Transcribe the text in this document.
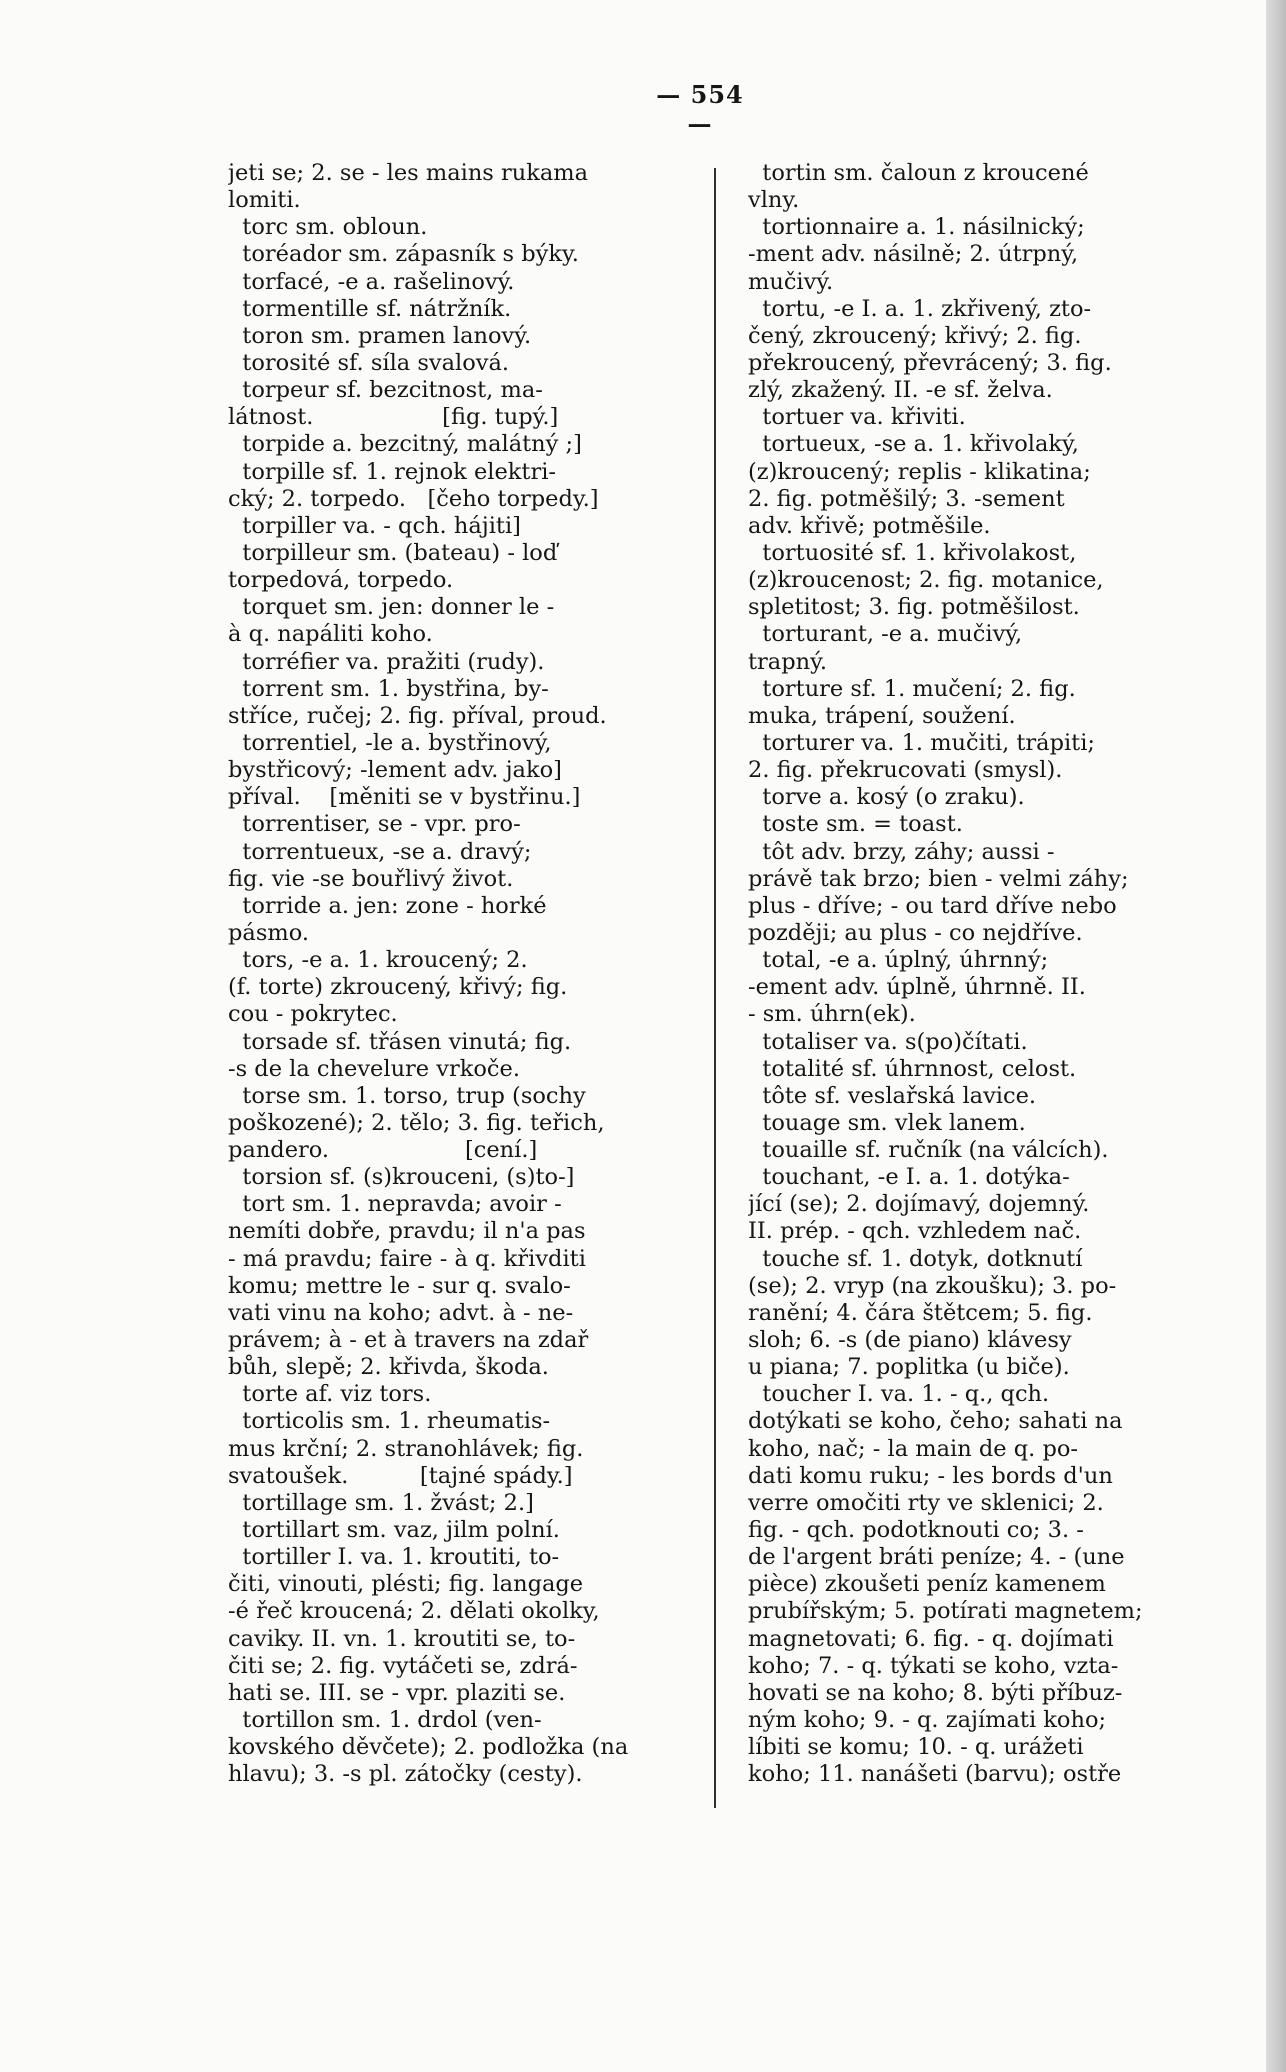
— 554 —
jeti se; 2. se - les mains rukama
lomiti.
torc sm. obloun.
toréador sm. zápasník s býky.
torfacé, -e a. rašelinový.
tormentille sf. nátržník.
toron sm. pramen lanový.
torosité sf. síla svalová.
torpeur sf. bezcitnost, ma-
látnost.                  [fig. tupý.]
torpide a. bezcitný, malátný ;]
torpille sf. 1. rejnok elektri-
cký; 2. torpedo.   [čeho torpedy.]
torpiller va. - qch. hájiti]
torpilleur sm. (bateau) - loď
torpedová, torpedo.
torquet sm. jen: donner le -
à q. napáliti koho.
torréfier va. pražiti (rudy).
torrent sm. 1. bystřina, by-
stříce, ručej; 2. fig. příval, proud.
torrentiel, -le a. bystřinový,
bystřicový; -lement adv. jako]
příval.    [měniti se v bystřinu.]
torrentiser, se - vpr. pro-
torrentueux, -se a. dravý;
fig. vie -se bouřlivý život.
torride a. jen: zone - horké
pásmo.
tors, -e a. 1. kroucený; 2.
(f. torte) zkroucený, křivý; fig.
cou - pokrytec.
torsade sf. třásen vinutá; fig.
-s de la chevelure vrkoče.
torse sm. 1. torso, trup (sochy
poškozené); 2. tělo; 3. fig. teřich,
pandero.                   [cení.]
torsion sf. (s)krouceni, (s)to-]
tort sm. 1. nepravda; avoir -
nemíti dobře, pravdu; il n'a pas
- má pravdu; faire - à q. křivditi
komu; mettre le - sur q. svalo-
vati vinu na koho; advt. à - ne-
právem; à - et à travers na zdař
bůh, slepě; 2. křivda, škoda.
torte af. viz tors.
torticolis sm. 1. rheumatis-
mus krční; 2. stranohlávek; fig.
svatoušek.          [tajné spády.]
tortillage sm. 1. žvást; 2.]
tortillart sm. vaz, jilm polní.
tortiller I. va. 1. kroutiti, to-
čiti, vinouti, plésti; fig. langage
-é řeč kroucená; 2. dělati okolky,
caviky. II. vn. 1. kroutiti se, to-
čiti se; 2. fig. vytáčeti se, zdrá-
hati se. III. se - vpr. plaziti se.
tortillon sm. 1. drdol (ven-
kovského děvčete); 2. podložka (na
hlavu); 3. -s pl. zátočky (cesty).
tortin sm. čaloun z kroucené
vlny.
tortionnaire a. 1. násilnický;
-ment adv. násilně; 2. útrpný,
mučivý.
tortu, -e I. a. 1. zkřivený, zto-
čený, zkroucený; křivý; 2. fig.
překroucený, převrácený; 3. fig.
zlý, zkažený. II. -e sf. želva.
tortuer va. křiviti.
tortueux, -se a. 1. křivolaký,
(z)kroucený; replis - klikatina;
2. fig. potměšilý; 3. -sement
adv. křivě; potměšile.
tortuosité sf. 1. křivolakost,
(z)kroucenost; 2. fig. motanice,
spletitost; 3. fig. potměšilost.
torturant, -e a. mučivý,
trapný.
torture sf. 1. mučení; 2. fig.
muka, trápení, soužení.
torturer va. 1. mučiti, trápiti;
2. fig. překrucovati (smysl).
torve a. kosý (o zraku).
toste sm. = toast.
tôt adv. brzy, záhy; aussi -
právě tak brzo; bien - velmi záhy;
plus - dříve; - ou tard dříve nebo
později; au plus - co nejdříve.
total, -e a. úplný, úhrnný;
-ement adv. úplně, úhrnně. II.
- sm. úhrn(ek).
totaliser va. s(po)čítati.
totalité sf. úhrnnost, celost.
tôte sf. veslařská lavice.
touage sm. vlek lanem.
touaille sf. ručník (na válcích).
touchant, -e I. a. 1. dotýka-
jící (se); 2. dojímavý, dojemný.
II. prép. - qch. vzhledem nač.
touche sf. 1. dotyk, dotknutí
(se); 2. vryp (na zkoušku); 3. po-
ranění; 4. čára štětcem; 5. fig.
sloh; 6. -s (de piano) klávesy
u piana; 7. poplitka (u biče).
toucher I. va. 1. - q., qch.
dotýkati se koho, čeho; sahati na
koho, nač; - la main de q. po-
dati komu ruku; - les bords d'un
verre omočiti rty ve sklenici; 2.
fig. - qch. podotknouti co; 3. -
de l'argent bráti peníze; 4. - (une
pièce) zkoušeti peníz kamenem
prubířským; 5. potírati magnetem;
magnetovati; 6. fig. - q. dojímati
koho; 7. - q. týkati se koho, vzta-
hovati se na koho; 8. býti příbuz-
ným koho; 9. - q. zajímati koho;
líbiti se komu; 10. - q. urážeti
koho; 11. nanášeti (barvu); ostře
